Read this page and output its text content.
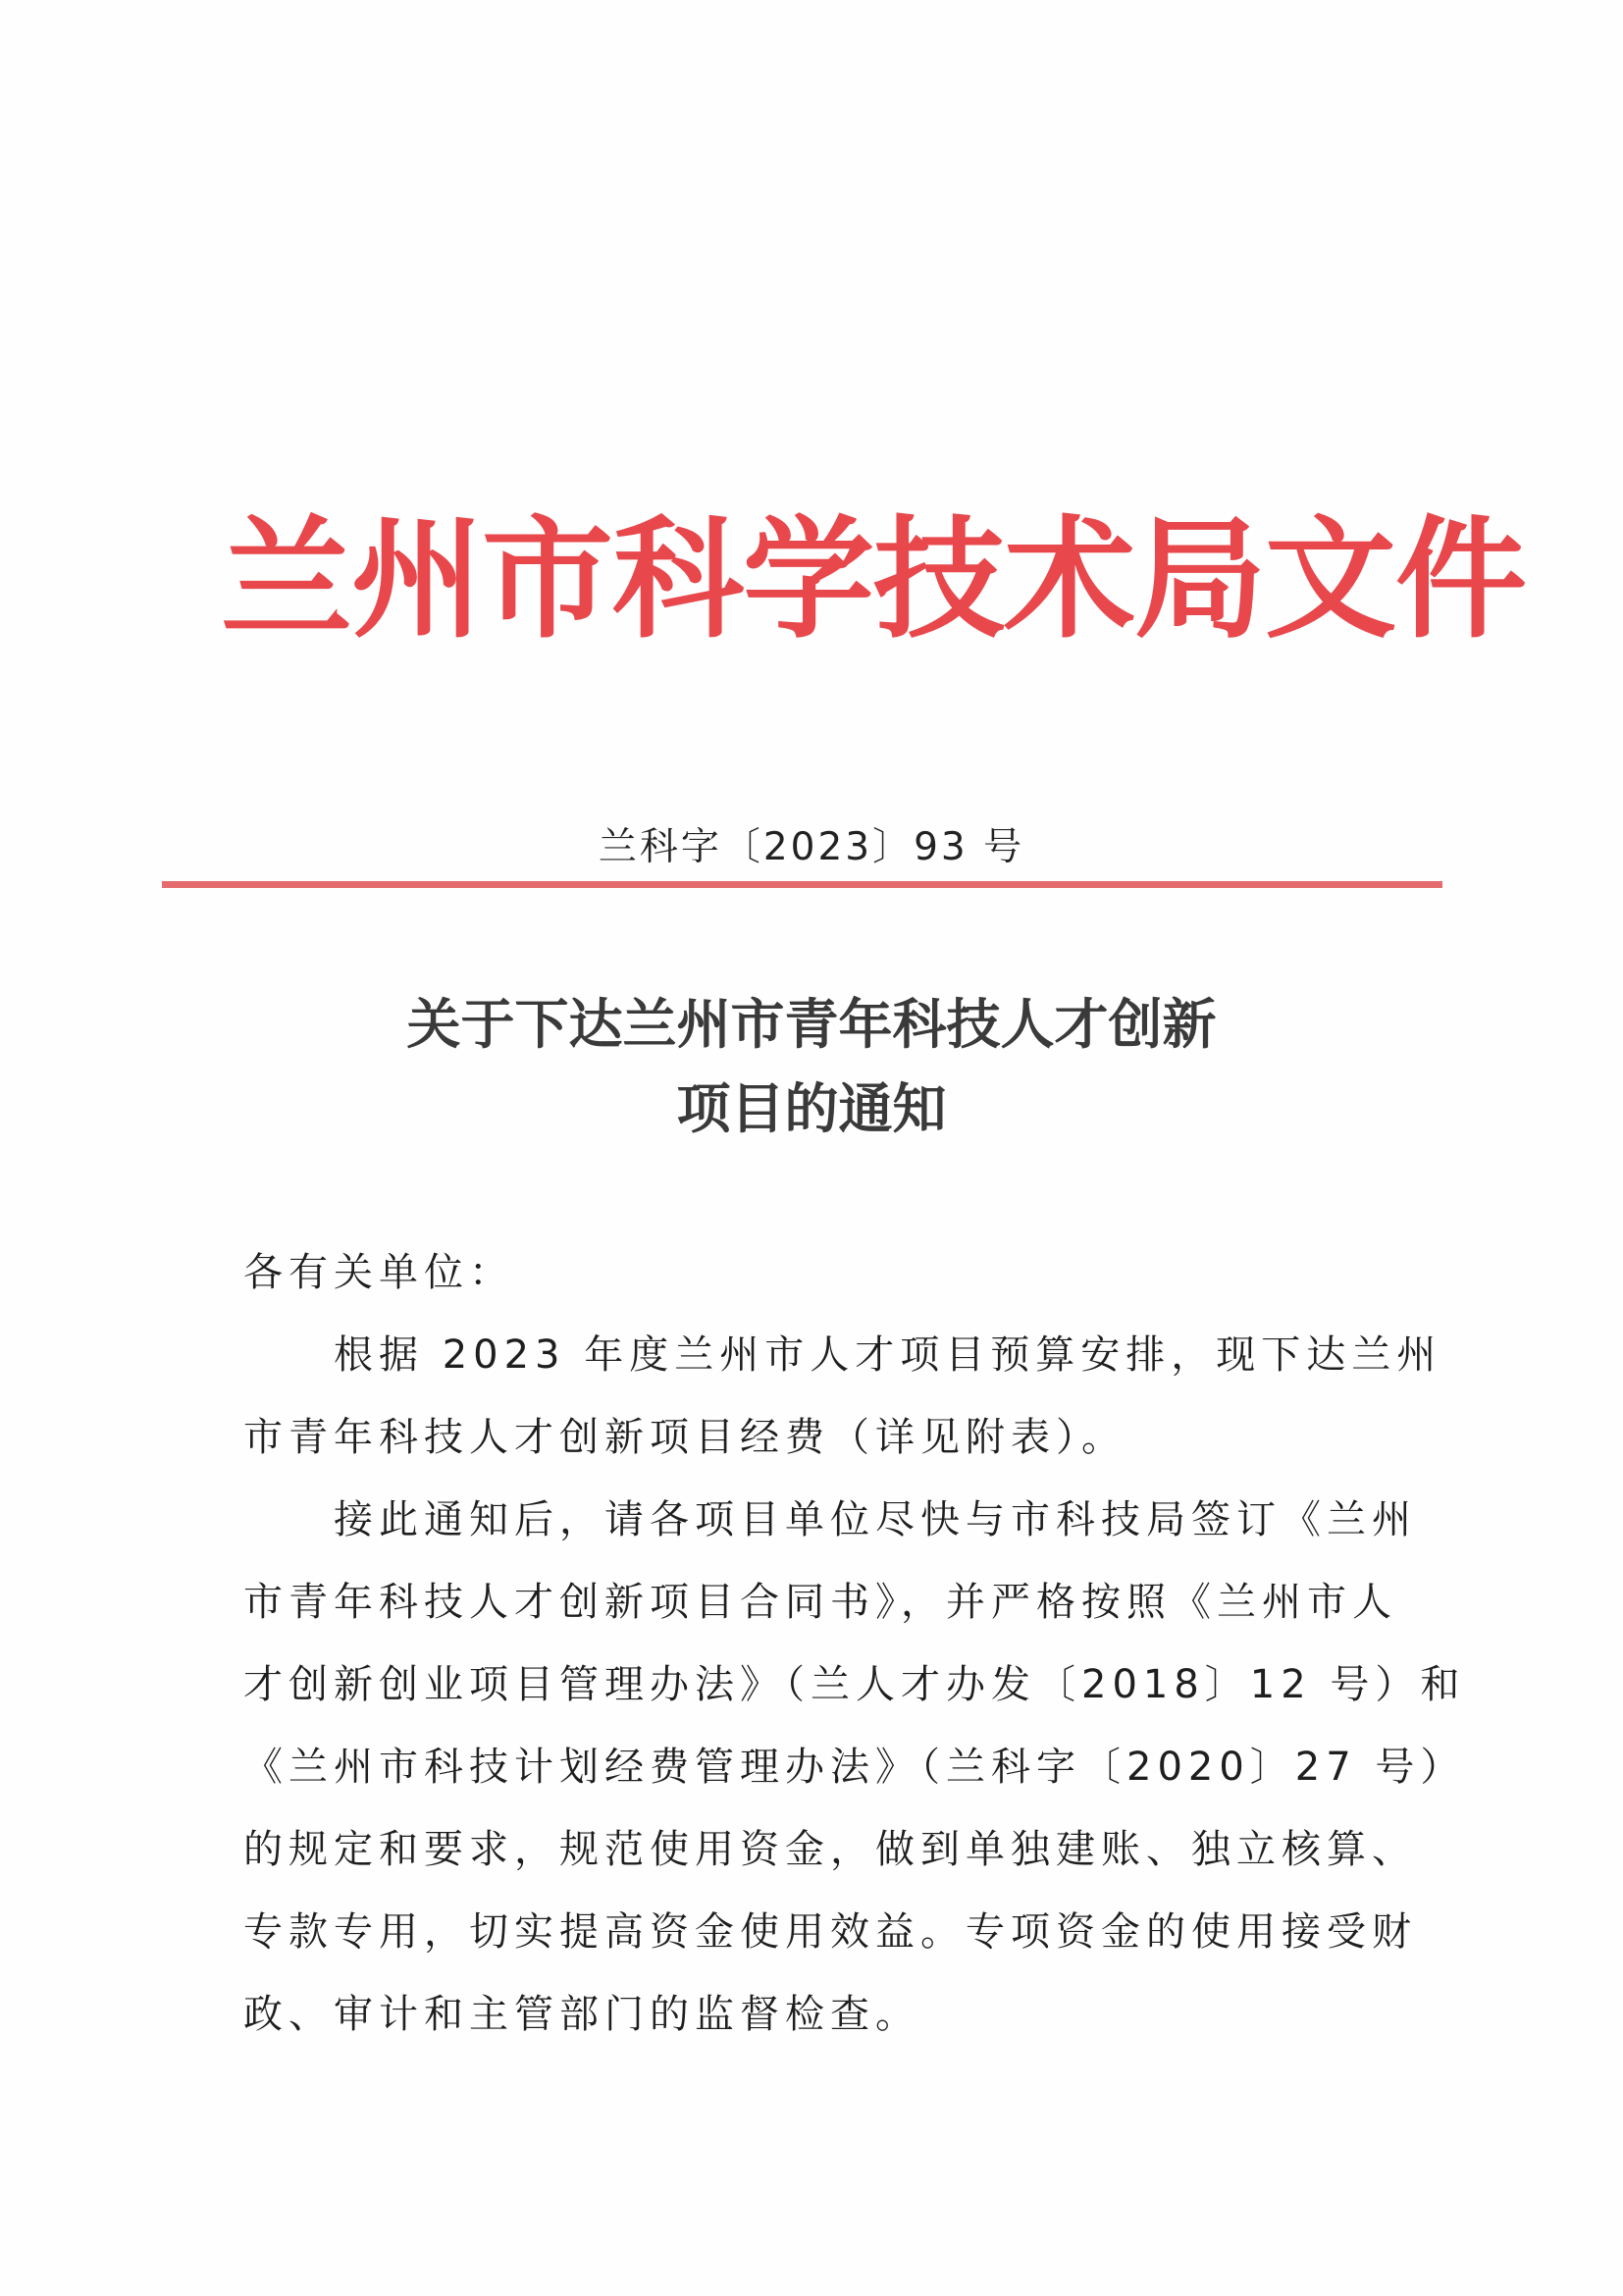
兰州市科学技术局文件
兰科字〔2023〕93 号
关于下达兰州市青年科技人才创新
项目的通知
各有关单位：
　　根据 2023 年度兰州市人才项目预算安排，现下达兰州
市青年科技人才创新项目经费（详见附表）。
　　接此通知后，请各项目单位尽快与市科技局签订《兰州
市青年科技人才创新项目合同书》，并严格按照《兰州市人
才创新创业项目管理办法》（兰人才办发〔2018〕12 号）和
《兰州市科技计划经费管理办法》（兰科字〔2020〕27 号）
的规定和要求，规范使用资金，做到单独建账、独立核算、
专款专用，切实提高资金使用效益。专项资金的使用接受财
政、审计和主管部门的监督检查。
